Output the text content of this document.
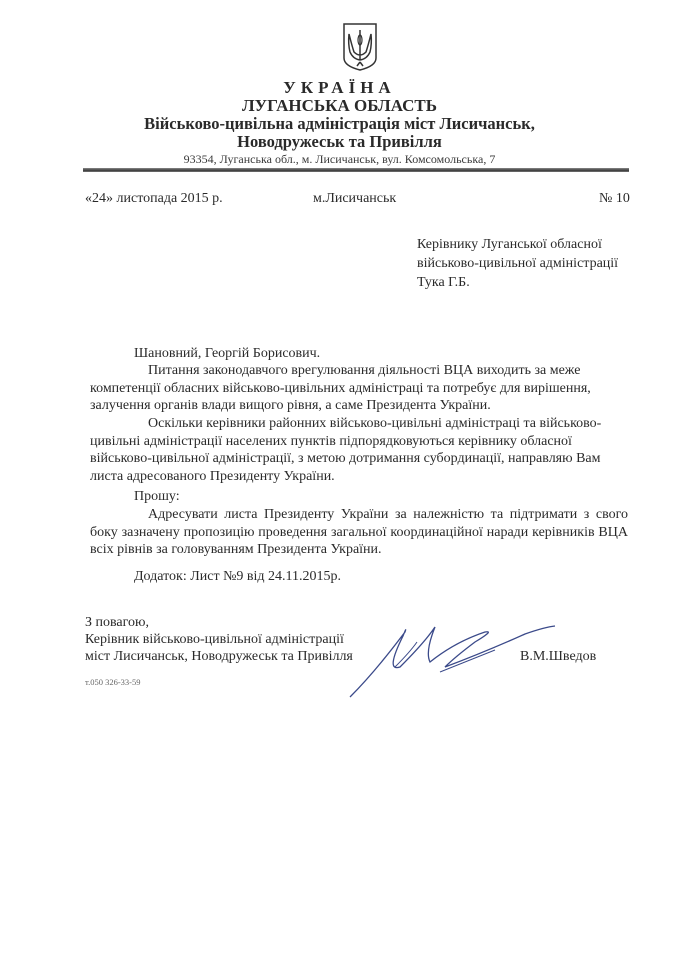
УКРАЇНА
ЛУГАНСЬКА ОБЛАСТЬ
Військово-цивільна адміністрація міст Лисичанськ,
Новодружеськ та Привілля
93354, Луганська обл., м. Лисичанськ, вул. Комсомольська, 7
«24» листопада 2015 р.	м.Лисичанськ	№ 10
Керівнику Луганської обласної
військово-цивільної адміністрації
Тука Г.Б.
Шановний, Георгій Борисович.
Питання законодавчого врегулювання діяльності ВЦА виходить за меже компетенції обласних військово-цивільних адміністраці та потребує для вирішення, залучення органів влади вищого рівня, а саме Президента України.
Оскільки керівники районних військово-цивільні адміністраці та військово-цивільні адміністрації населених пунктів підпорядковуються керівнику обласної військово-цивільної адміністрації, з метою дотримання субординації, направляю Вам листа адресованого Президенту України.
Прошу:
Адресувати листа Президенту України за належністю та підтримати з свого боку зазначену пропозицію проведення загальної координаційної наради керівників ВЦА всіх рівнів за головуванням Президента України.
Додаток: Лист №9 від 24.11.2015р.
З повагою,
Керівник військово-цивільної адміністрації
міст Лисичанськ, Новодружеськ та Привілля	В.М.Шведов
т.050 326-33-59
